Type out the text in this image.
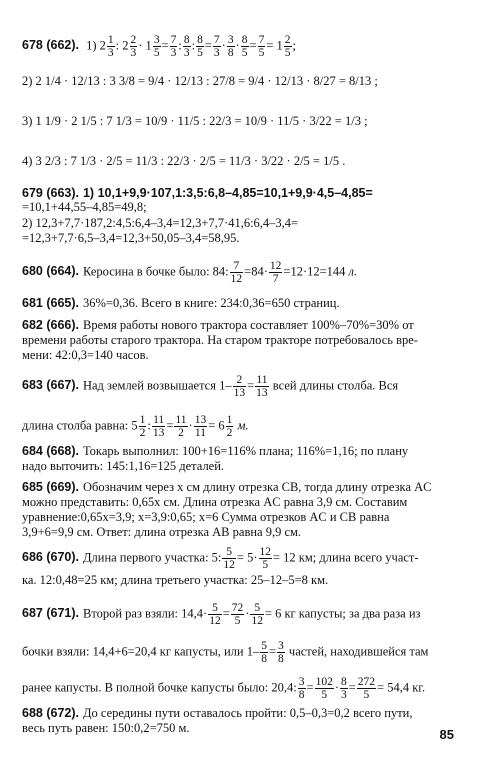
678 (662). 1) $2 \frac{1}{3}$ : $2 \frac{2}{3} \cdot 1 \frac{3}{5} = \frac{7}{3}$ : $\frac{8}{3}$ : $\frac{8}{5} = \frac{7}{3} \cdot \frac{3}{8} \cdot \frac{8}{5} = \frac{7}{5} = 1 \frac{2}{5}$ ;
2) 2 1/4 · 12/13 : 3 3/8 = 9/4 · 12/13 : 27/8 = 9/4 · 12/13 · 8/27 = 8/13 ;
3) 1 1/9 · 2 1/5 : 7 1/3 = 10/9 · 11/5 : 22/3 = 10/9 · 11/5 · 3/22 = 1/3 ;
4) 3 2/3 : 7 1/3 · 2/5 = 11/3 : 22/3 · 2/5 = 11/3 · 3/22 · 2/5 = 1/5 .
679 (663). 1) 10,1+9,9·107,1:3,5:6,8–4,85=10,1+9,9·4,5–4,85=
=10,1+44,55–4,85=49,8;
2) 12,3+7,7·187,2:4,5:6,4–3,4=12,3+7,7·41,6:6,4–3,4=
=12,3+7,7·6,5–3,4=12,3+50,05–3,4=58,95.
680 (664). Керосина в бочке было: 84: $\frac{7}{12} =84\cdot \frac{12}{7} =12\cdot 12=144$ л.
681 (665). 36%=0,36. Всего в книге: 234:0,36=650 страниц.
682 (666). Время работы нового трактора составляет 100%–70%=30% от
времени работы старого трактора. На старом тракторе потребовалось вре-
мени: 42:0,3=140 часов.
683 (667). Над землей возвышается $1- \frac{2}{13} = \frac{11}{13}$ всей длины столба. Вся
длина столба равна: $5 \frac{1}{2}$ : $\frac{11}{13} = \frac{11}{2} \cdot \frac{13}{11} = 6 \frac{1}{2} м$.
684 (668). Токарь выполнил: 100+16=116% плана; 116%=1,16; по плану
надо выточить: 145:1,16=125 деталей.
685 (669). Обозначим через х см длину отрезка CB, тогда длину отрезка AC
можно представить: 0,65х см. Длина отрезка AC равна 3,9 см. Составим
уравнение:0,65х=3,9; х=3,9:0,65; х=6 Сумма отрезков AC и CB равна
3,9+6=9,9 см. Ответ: длина отрезка AB равна 9,9 см.
686 (670). Длина первого участка: 5: $\frac{5}{12} = 5\cdot \frac{12}{5} = 12$ км; длина всего участ-
ка. 12:0,48=25 км; длина третьего участка: 25–12–5=8 км.
687 (671). Второй раз взяли: $14,4\cdot \frac{5}{12} = \frac{72}{5} \cdot \frac{5}{12} = 6$ кг капусты; за два раза из
бочки взяли: 14,4+6=20,4 кг капусты, или $1- \frac{5}{8} = \frac{3}{8}$ частей, находившейся там
ранее капусты. В полной бочке капусты было: 20,4: $\frac{3}{8} = \frac{102}{5} \cdot \frac{8}{3} = \frac{272}{5} = 54,4$ кг.
688 (672). До середины пути оставалось пройти: 0,5–0,3=0,2 всего пути,
весь путь равен: 150:0,2=750 м.	85
